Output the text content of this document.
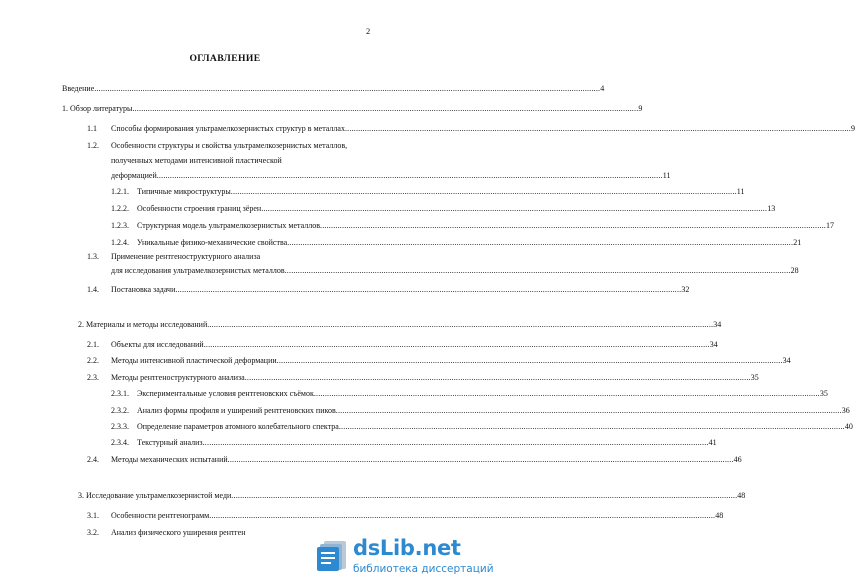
2
ОГЛАВЛЕНИЕ
Введение .....	4
1. Обзор литературы .....	9
1.1 Способы формирования ультрамелкозернистых структур в металлах .....	9
1.2. Особенности структуры и свойства ультрамелкозернистых металлов,
полученных методами интенсивной пластической
деформацией .....	11
1.2.1. Типичные микроструктуры .....	11
1.2.2. Особенности строения границ зёрен .....	13
1.2.3. Структурная модель ультрамелкозернистых металлов .....	17
1.2.4. Уникальные физико-механические свойства .....	21
1.3. Применение рентгеноструктурного анализа
для исследования ультрамелкозернистых металлов .....	28
1.4. Постановка задачи .....	32
2. Материалы и методы исследований .....	34
2.1. Объекты для исследований .....	34
2.2. Методы интенсивной пластической деформации .....	34
2.3. Методы рентгеноструктурного анализа .....	35
2.3.1. Экспериментальные условия рентгеновских съёмок .....	35
2.3.2. Анализ формы профиля и уширений рентгеновских пиков .....	36
2.3.3. Определение параметров атомного колебательного спектра .....	40
2.3.4. Текстурный анализ .....	41
2.4. Методы механических испытаний .....	46
3. Исследование ультрамелкозернистой меди .....	48
3.1. Особенности рентгенограмм .....	48
3.2. Анализ физического уширения рентген
dsLib.net
библиотека диссертаций
